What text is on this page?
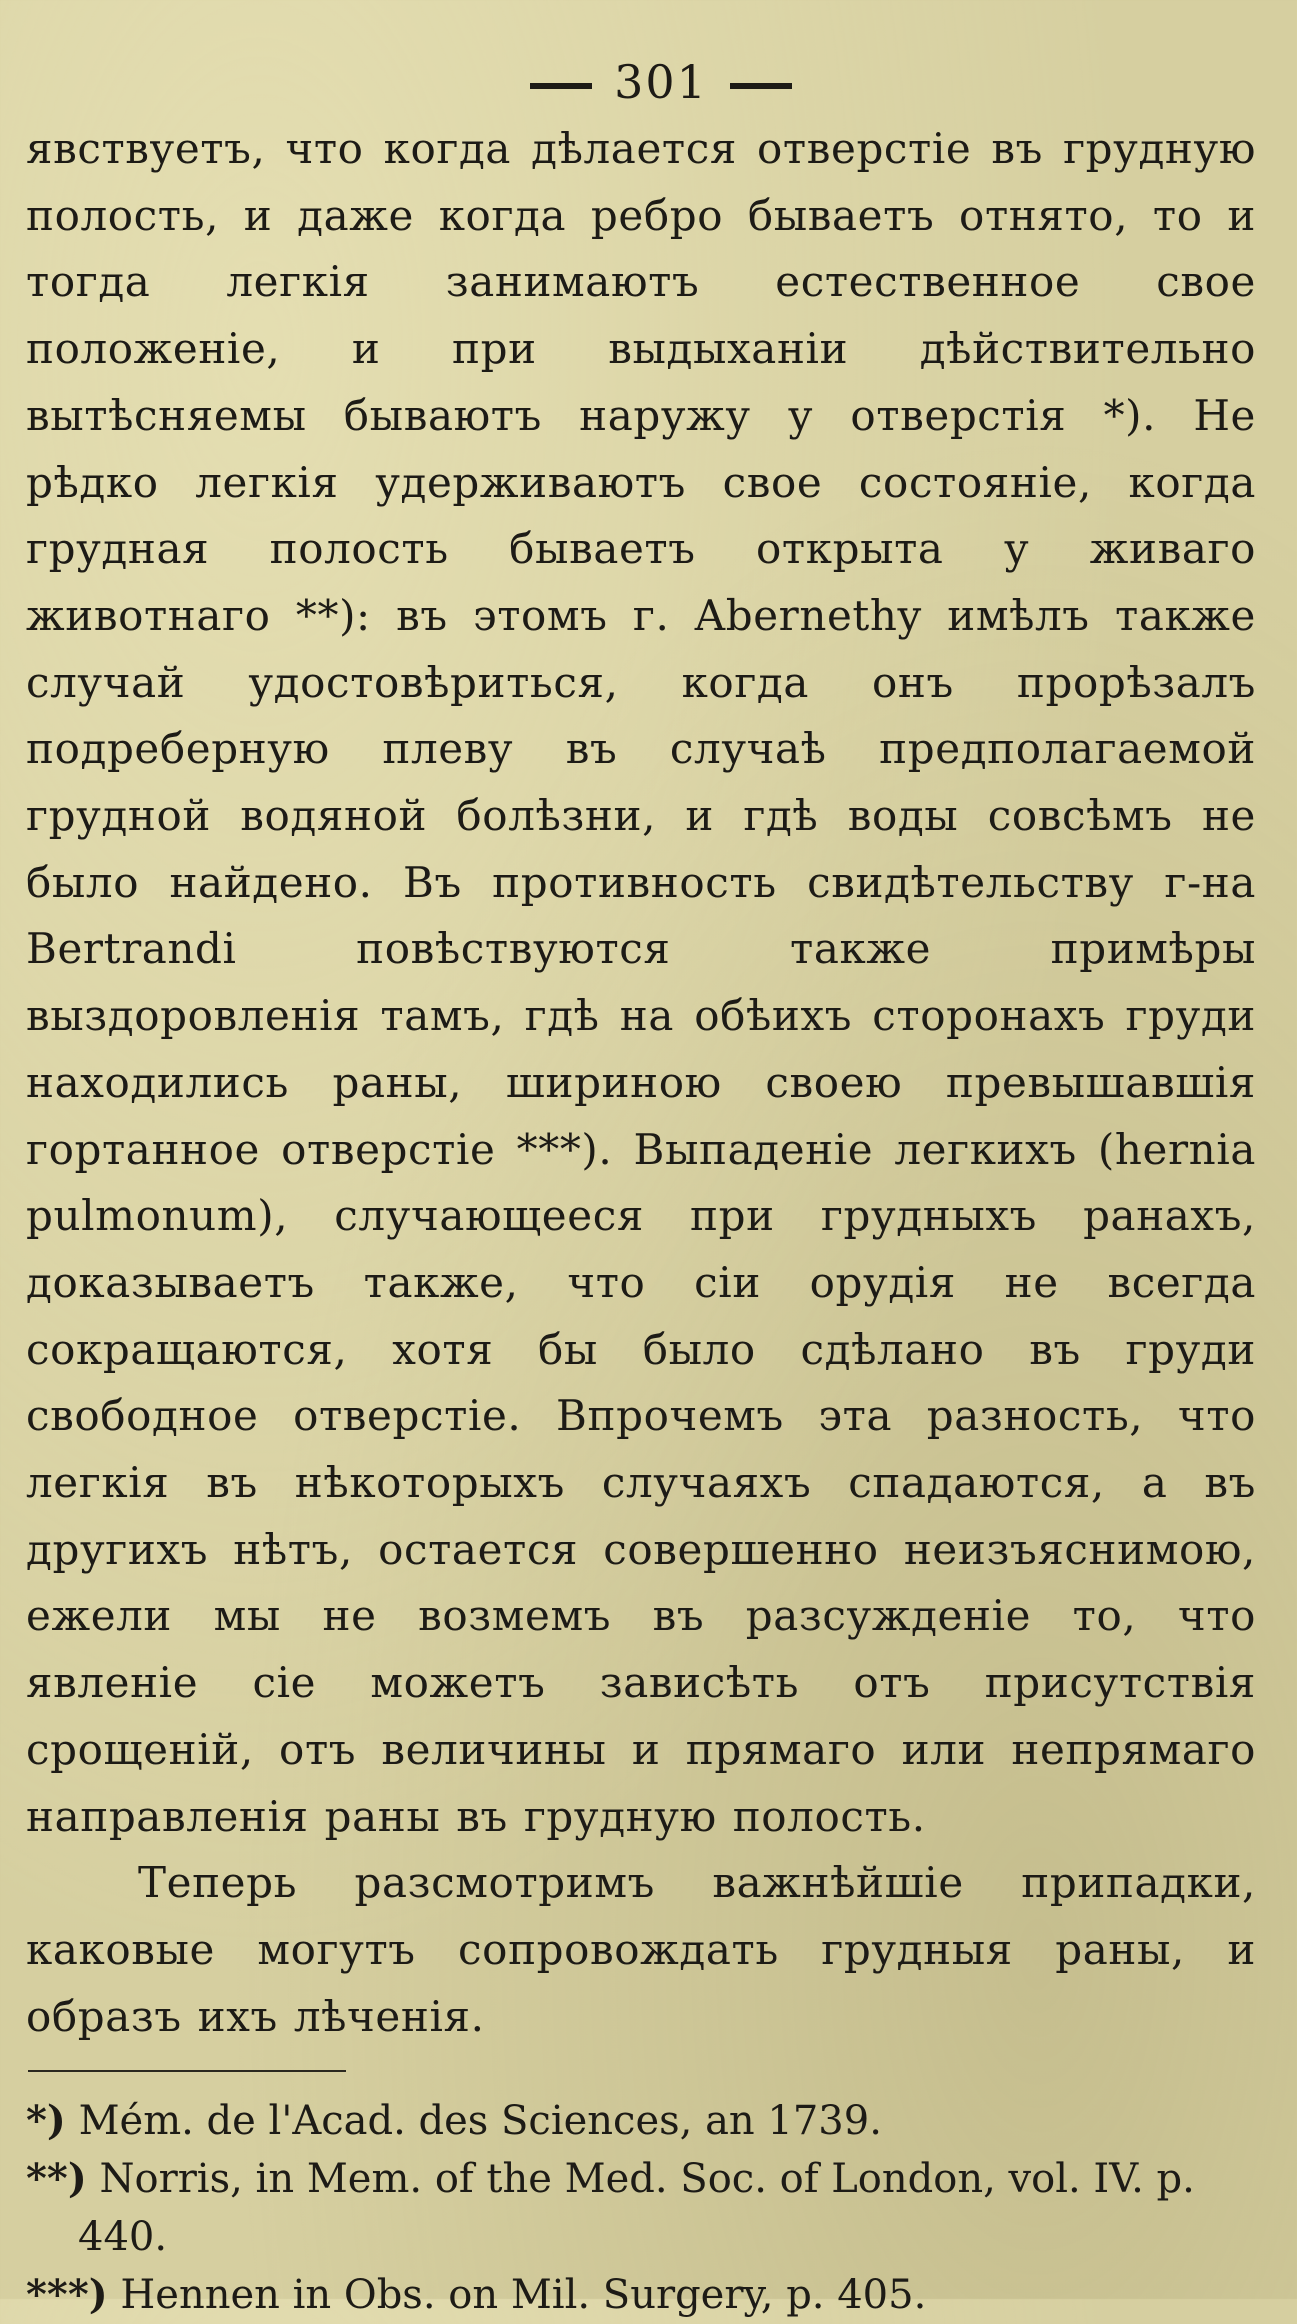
301

явствуетъ, что когда дѣлается отверстіе въ грудную полость, и даже когда ребро бываетъ отнято, то и тогда легкія занимаютъ естественное свое положеніе, и при выдыханіи дѣйствительно вытѣсняемы бываютъ наружу у отверстія *). Не рѣдко легкія удерживаютъ свое состояніе, когда грудная полость бываетъ открыта у живаго животнаго **): въ этомъ г. Abernethy имѣлъ также случай удостовѣриться, когда онъ прорѣзалъ подреберную плеву въ случаѣ предполагаемой грудной водяной болѣзни, и гдѣ воды совсѣмъ не было найдено. Въ противность свидѣтельству г-на Bertrandi повѣствуются также примѣры выздоровленія тамъ, гдѣ на обѣихъ сторонахъ груди находились раны, шириною своею превышавшія гортанное отверстіе ***). Выпаденіе легкихъ (hernia pulmonum), случающееся при грудныхъ ранахъ, доказываетъ также, что сіи орудія не всегда сокращаются, хотя бы было сдѣлано въ груди свободное отверстіе. Впрочемъ эта разность, что легкія въ нѣкоторыхъ случаяхъ спадаются, а въ другихъ нѣтъ, остается совершенно неизъяснимою, ежели мы не возмемъ въ разсужденіе то, что явленіе сіе можетъ зависѣть отъ присутствія срощеній, отъ величины и прямаго или непрямаго направленія раны въ грудную полость.

Теперь разсмотримъ важнѣйшіе припадки, каковые могутъ сопровождать грудныя раны, и образъ ихъ лѣченія.

*) Mém. de l'Acad. des Sciences, an 1739.

**) Norris, in Mem. of the Med. Soc. of London, vol. IV. p. 440.

***) Hennen in Obs. on Mil. Surgery, p. 405.
